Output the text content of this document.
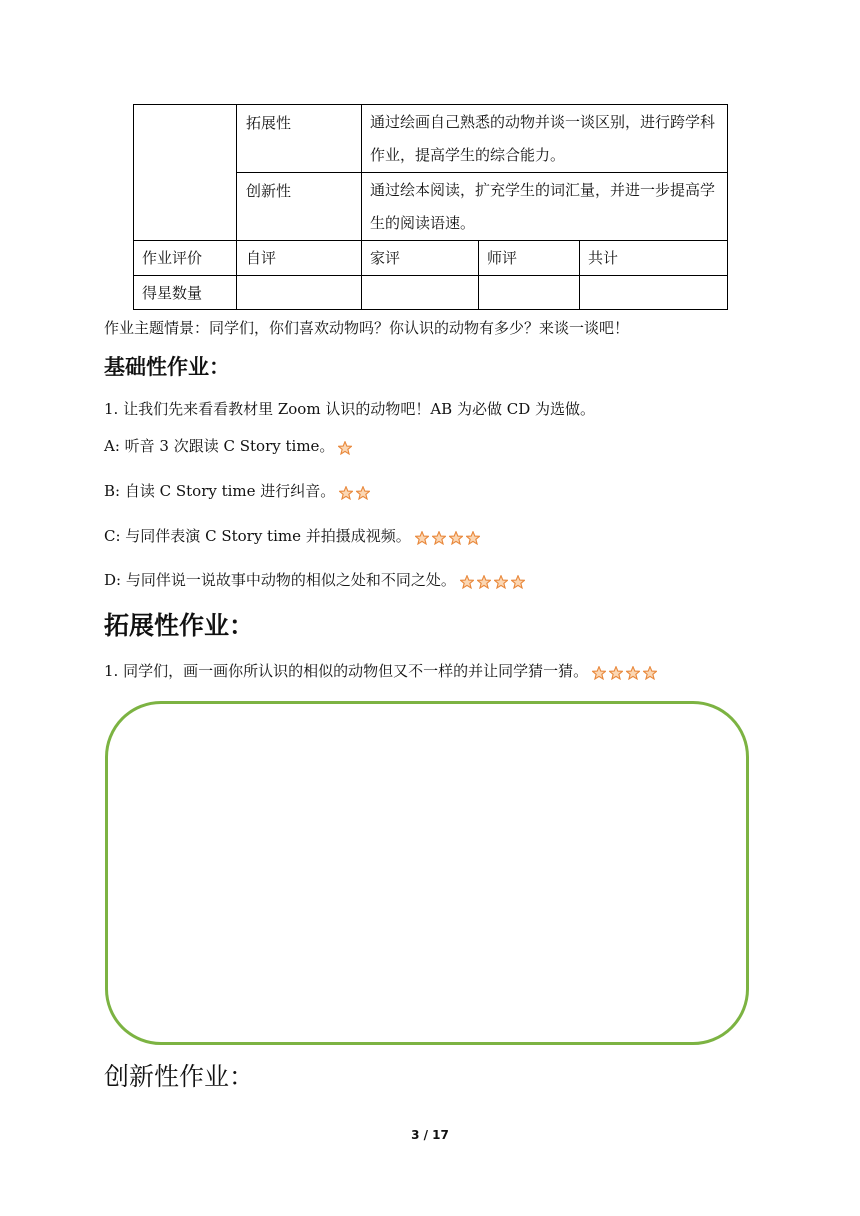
拓展性	通过绘画自己熟悉的动物并谈一谈区别，进行跨学科作业，提高学生的综合能力。
创新性	通过绘本阅读，扩充学生的词汇量，并进一步提高学生的阅读语速。
作业评价	自评	家评	师评	共计
得星数量
作业主题情景：同学们，你们喜欢动物吗？你认识的动物有多少？来谈一谈吧！
基础性作业：
1. 让我们先来看看教材里 Zoom 认识的动物吧！AB 为必做 CD 为选做。
A: 听音 3 次跟读 C Story time。
B: 自读 C Story time 进行纠音。
C: 与同伴表演 C Story time 并拍摄成视频。
D: 与同伴说一说故事中动物的相似之处和不同之处。
拓展性作业：
1. 同学们，画一画你所认识的相似的动物但又不一样的并让同学猜一猜。
创新性作业：
3 / 17
